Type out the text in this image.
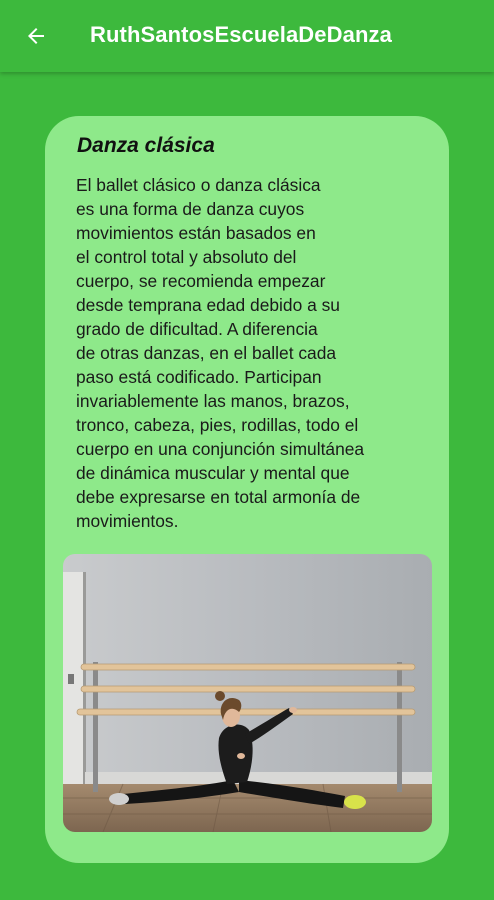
RuthSantosEscuelaDeDanza
Danza clásica
El ballet clásico o danza clásica
es una forma de danza cuyos
movimientos están basados en
el control total y absoluto del
cuerpo, se recomienda empezar
desde temprana edad debido a su
grado de dificultad. A diferencia
de otras danzas, en el ballet cada
paso está codificado. Participan
invariablemente las manos, brazos,
tronco, cabeza, pies, rodillas, todo el
cuerpo en una conjunción simultánea
de dinámica muscular y mental que
debe expresarse en total armonía de
movimientos.
